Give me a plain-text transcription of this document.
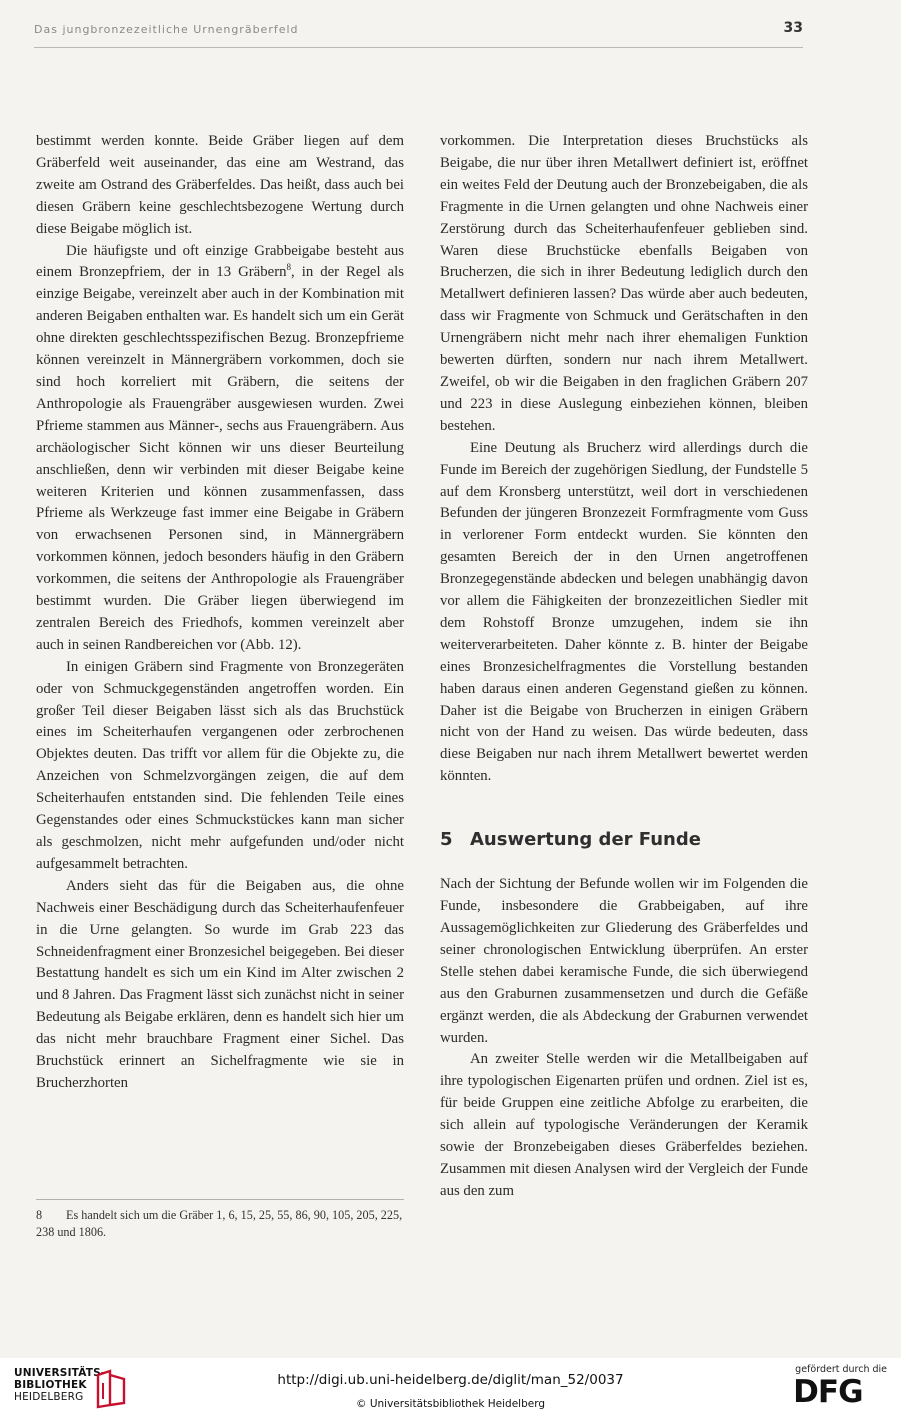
Das jungbronzezeitliche Urnengräberfeld	33

bestimmt werden konnte. Beide Gräber liegen auf dem Gräberfeld weit auseinander, das eine am Westrand, das zweite am Ostrand des Gräberfeldes. Das heißt, dass auch bei diesen Gräbern keine geschlechtsbezogene Wertung durch diese Beigabe möglich ist.

Die häufigste und oft einzige Grabbeigabe besteht aus einem Bronzepfriem, der in 13 Gräbern$^8$, in der Regel als einzige Beigabe, vereinzelt aber auch in der Kombination mit anderen Beigaben enthalten war. Es handelt sich um ein Gerät ohne direkten geschlechtsspezifischen Bezug. Bronzepfrieme können vereinzelt in Männergräbern vorkommen, doch sie sind hoch korreliert mit Gräbern, die seitens der Anthropologie als Frauengräber ausgewiesen wurden. Zwei Pfrieme stammen aus Männer-, sechs aus Frauengräbern. Aus archäologischer Sicht können wir uns dieser Beurteilung anschließen, denn wir verbinden mit dieser Beigabe keine weiteren Kriterien und können zusammenfassen, dass Pfrieme als Werkzeuge fast immer eine Beigabe in Gräbern von erwachsenen Personen sind, in Männergräbern vorkommen können, jedoch besonders häufig in den Gräbern vorkommen, die seitens der Anthropologie als Frauengräber bestimmt wurden. Die Gräber liegen überwiegend im zentralen Bereich des Friedhofs, kommen vereinzelt aber auch in seinen Randbereichen vor (Abb. 12).

In einigen Gräbern sind Fragmente von Bronzegeräten oder von Schmuckgegenständen angetroffen worden. Ein großer Teil dieser Beigaben lässt sich als das Bruchstück eines im Scheiterhaufen vergangenen oder zerbrochenen Objektes deuten. Das trifft vor allem für die Objekte zu, die Anzeichen von Schmelzvorgängen zeigen, die auf dem Scheiterhaufen entstanden sind. Die fehlenden Teile eines Gegenstandes oder eines Schmuckstückes kann man sicher als geschmolzen, nicht mehr aufgefunden und/oder nicht aufgesammelt betrachten.

Anders sieht das für die Beigaben aus, die ohne Nachweis einer Beschädigung durch das Scheiterhaufenfeuer in die Urne gelangten. So wurde im Grab 223 das Schneidenfragment einer Bronzesichel beigegeben. Bei dieser Bestattung handelt es sich um ein Kind im Alter zwischen 2 und 8 Jahren. Das Fragment lässt sich zunächst nicht in seiner Bedeutung als Beigabe erklären, denn es handelt sich hier um das nicht mehr brauchbare Fragment einer Sichel. Das Bruchstück erinnert an Sichelfragmente wie sie in Brucherzhorten

8 Es handelt sich um die Gräber 1, 6, 15, 25, 55, 86, 90, 105, 205, 225, 238 und 1806.

vorkommen. Die Interpretation dieses Bruchstücks als Beigabe, die nur über ihren Metallwert definiert ist, eröffnet ein weites Feld der Deutung auch der Bronzebeigaben, die als Fragmente in die Urnen gelangten und ohne Nachweis einer Zerstörung durch das Scheiterhaufenfeuer geblieben sind. Waren diese Bruchstücke ebenfalls Beigaben von Brucherzen, die sich in ihrer Bedeutung lediglich durch den Metallwert definieren lassen? Das würde aber auch bedeuten, dass wir Fragmente von Schmuck und Gerätschaften in den Urnengräbern nicht mehr nach ihrer ehemaligen Funktion bewerten dürften, sondern nur nach ihrem Metallwert. Zweifel, ob wir die Beigaben in den fraglichen Gräbern 207 und 223 in diese Auslegung einbeziehen können, bleiben bestehen.

Eine Deutung als Brucherz wird allerdings durch die Funde im Bereich der zugehörigen Siedlung, der Fundstelle 5 auf dem Kronsberg unterstützt, weil dort in verschiedenen Befunden der jüngeren Bronzezeit Formfragmente vom Guss in verlorener Form entdeckt wurden. Sie könnten den gesamten Bereich der in den Urnen angetroffenen Bronzegegenstände abdecken und belegen unabhängig davon vor allem die Fähigkeiten der bronzezeitlichen Siedler mit dem Rohstoff Bronze umzugehen, indem sie ihn weiterverarbeiteten. Daher könnte z. B. hinter der Beigabe eines Bronzesichelfragmentes die Vorstellung bestanden haben daraus einen anderen Gegenstand gießen zu können. Daher ist die Beigabe von Brucherzen in einigen Gräbern nicht von der Hand zu weisen. Das würde bedeuten, dass diese Beigaben nur nach ihrem Metallwert bewertet werden könnten.

5 Auswertung der Funde

Nach der Sichtung der Befunde wollen wir im Folgenden die Funde, insbesondere die Grabbeigaben, auf ihre Aussagemöglichkeiten zur Gliederung des Gräberfeldes und seiner chronologischen Entwicklung überprüfen. An erster Stelle stehen dabei keramische Funde, die sich überwiegend aus den Graburnen zusammensetzen und durch die Gefäße ergänzt werden, die als Abdeckung der Graburnen verwendet wurden.

An zweiter Stelle werden wir die Metallbeigaben auf ihre typologischen Eigenarten prüfen und ordnen. Ziel ist es, für beide Gruppen eine zeitliche Abfolge zu erarbeiten, die sich allein auf typologische Veränderungen der Keramik sowie der Bronzebeigaben dieses Gräberfeldes beziehen. Zusammen mit diesen Analysen wird der Vergleich der Funde aus den zum

UNIVERSITÄTS-
BIBLIOTHEK
HEIDELBERG
http://digi.ub.uni-heidelberg.de/diglit/man_52/0037
© Universitätsbibliothek Heidelberg
gefördert durch die
DFG
